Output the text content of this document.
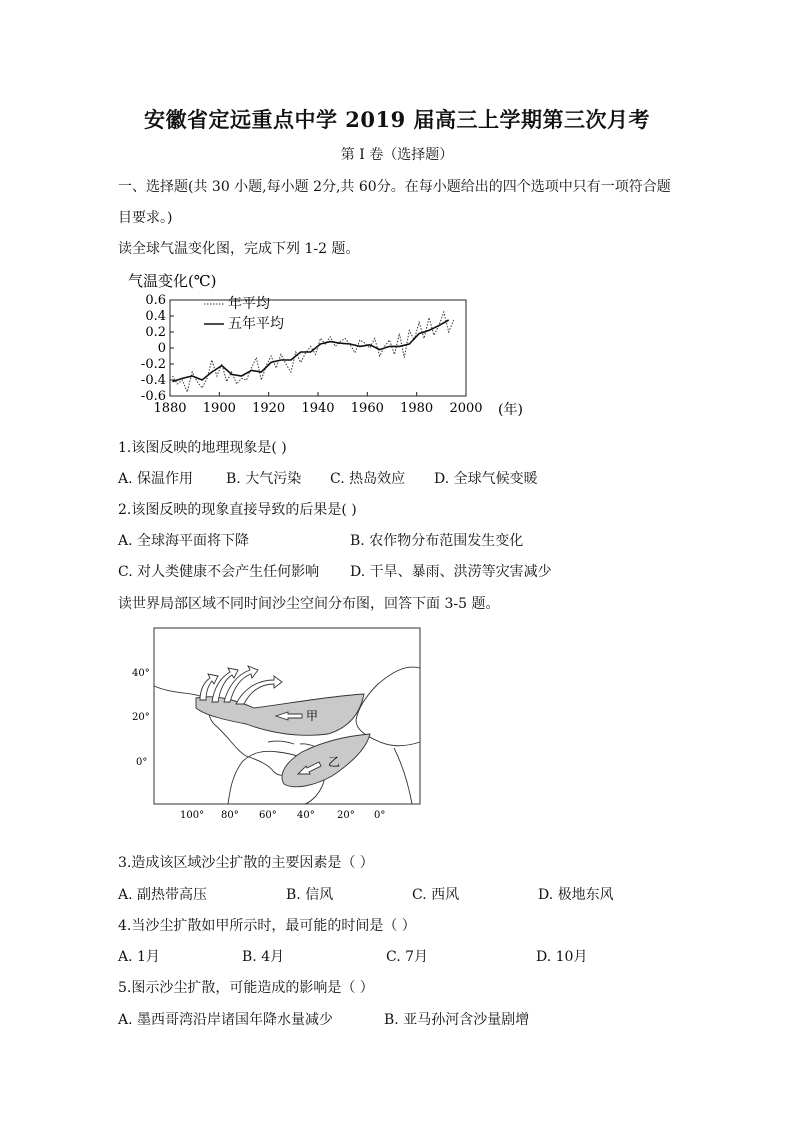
安徽省定远重点中学 2019 届高三上学期第三次月考
第 I 卷（选择题）
一、选择题(共 30 小题,每小题 2分,共 60分。在每小题给出的四个选项中只有一项符合题
目要求。)
读全球气温变化图，完成下列 1-2 题。
气温变化(℃)
0.6
0.4
0.2
0
-0.2
-0.4
-0.6
1880 1900 1920 1940 1960 1980 2000
年平均
五年平均
(年)
1.该图反映的地理现象是( )
A. 保温作用 B. 大气污染 C. 热岛效应 D. 全球气候变暖
2.该图反映的现象直接导致的后果是( )
A. 全球海平面将下降	B. 农作物分布范围发生变化
C. 对人类健康不会产生任何影响 D. 干旱、暴雨、洪涝等灾害减少
读世界局部区域不同时间沙尘空间分布图，回答下面 3-5 题。
甲
乙
40°
20°
0°
100° 80° 60° 40° 20° 0°
3.造成该区域沙尘扩散的主要因素是（ ）
A. 副热带高压	B. 信风	C. 西风	D. 极地东风
4.当沙尘扩散如甲所示时，最可能的时间是（ ）
A. 1月	B. 4月	C. 7月	D. 10月
5.图示沙尘扩散，可能造成的影响是（ ）
A. 墨西哥湾沿岸诸国年降水量减少	B. 亚马孙河含沙量剧增
